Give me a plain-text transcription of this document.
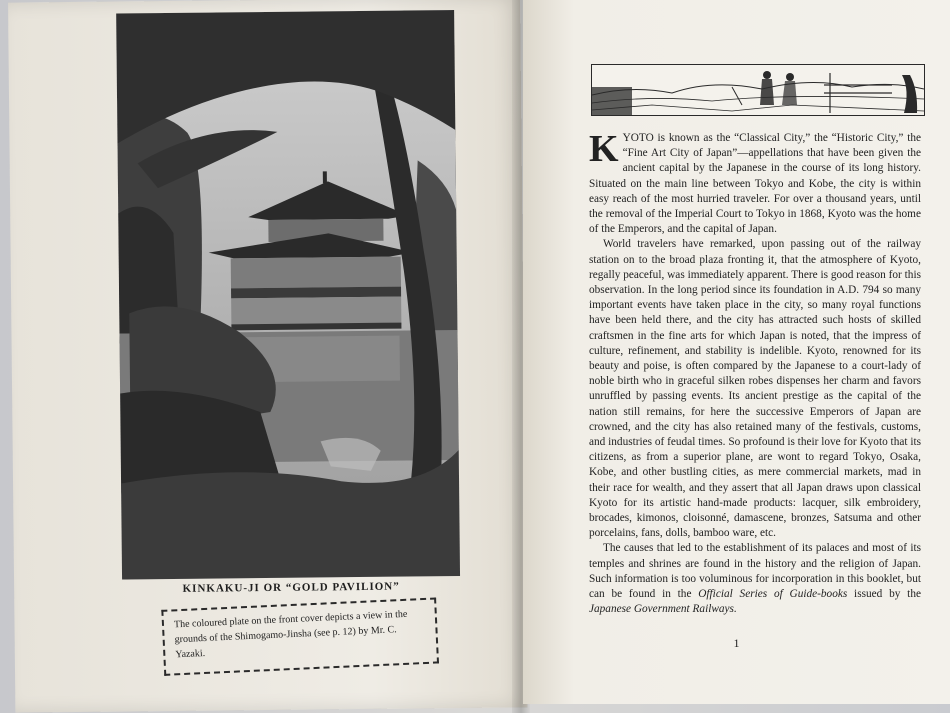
KINKAKU-JI OR “GOLD PAVILION”
The coloured plate on the front cover depicts a view in the grounds of the Shimogamo-Jinsha (see p. 12) by Mr. C. Yazaki.

KYOTO is known as the “Classical City,” the “Historic City,” the “Fine Art City of Japan”—appellations that have been given the ancient capital by the Japanese in the course of its long history. Situated on the main line between Tokyo and Kobe, the city is within easy reach of the most hurried traveler. For over a thousand years, until the removal of the Imperial Court to Tokyo in 1868, Kyoto was the home of the Emperors, and the capital of Japan.

World travelers have remarked, upon passing out of the railway station on to the broad plaza fronting it, that the atmosphere of Kyoto, regally peaceful, was immediately apparent. There is good reason for this observation. In the long period since its foundation in A.D. 794 so many important events have taken place in the city, so many royal functions have been held there, and the city has attracted such hosts of skilled craftsmen in the fine arts for which Japan is noted, that the impress of culture, refinement, and stability is indelible. Kyoto, renowned for its beauty and poise, is often compared by the Japanese to a court-lady of noble birth who in graceful silken robes dispenses her charm and favors unruffled by passing events. Its ancient prestige as the capital of the nation still remains, for here the successive Emperors of Japan are crowned, and the city has also retained many of the festivals, customs, and industries of feudal times. So profound is their love for Kyoto that its citizens, as from a superior plane, are wont to regard Tokyo, Osaka, Kobe, and other bustling cities, as mere commercial markets, mad in their race for wealth, and they assert that all Japan draws upon classical Kyoto for its artistic hand-made products: lacquer, silk embroidery, brocades, kimonos, cloisonné, damascene, bronzes, Satsuma and other porcelains, fans, dolls, bamboo ware, etc.

The causes that led to the establishment of its palaces and most of its temples and shrines are found in the history and the religion of Japan. Such information is too voluminous for incorporation in this booklet, but can be found in the Official Series of Guide-books issued by the Japanese Government Railways.

1
